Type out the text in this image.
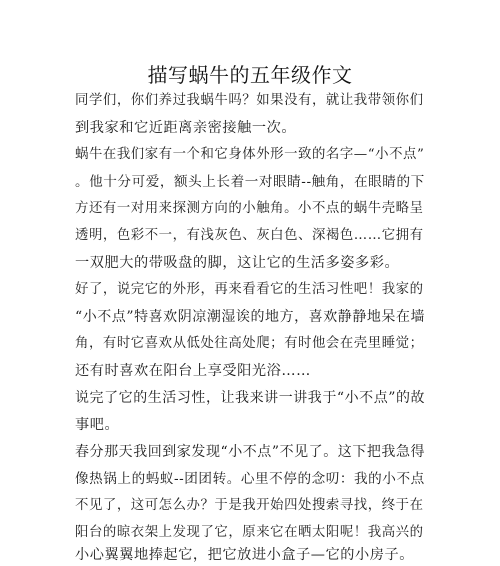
描写蜗牛的五年级作文
同学们，你们养过我蜗牛吗？如果没有，就让我带领你们
到我家和它近距离亲密接触一次。
蜗牛在我们家有一个和它身体外形一致的名字—“小不点”
。他十分可爱，额头上长着一对眼睛--触角，在眼睛的下
方还有一对用来探测方向的小触角。小不点的蜗牛壳略呈
透明，色彩不一，有浅灰色、灰白色、深褐色……它拥有
一双肥大的带吸盘的脚，这让它的生活多姿多彩。
好了，说完它的外形，再来看看它的生活习性吧！我家的
“小不点”特喜欢阴凉潮湿诶的地方，喜欢静静地呆在墙
角，有时它喜欢从低处往高处爬；有时他会在壳里睡觉；
还有时喜欢在阳台上享受阳光浴……
说完了它的生活习性，让我来讲一讲我于“小不点”的故
事吧。
春分那天我回到家发现“小不点”不见了。这下把我急得
像热锅上的蚂蚁--团团转。心里不停的念叨：我的小不点
不见了，这可怎么办？于是我开始四处搜索寻找，终于在
阳台的晾衣架上发现了它，原来它在晒太阳呢！我高兴的
小心翼翼地捧起它，把它放进小盒子—它的小房子。
